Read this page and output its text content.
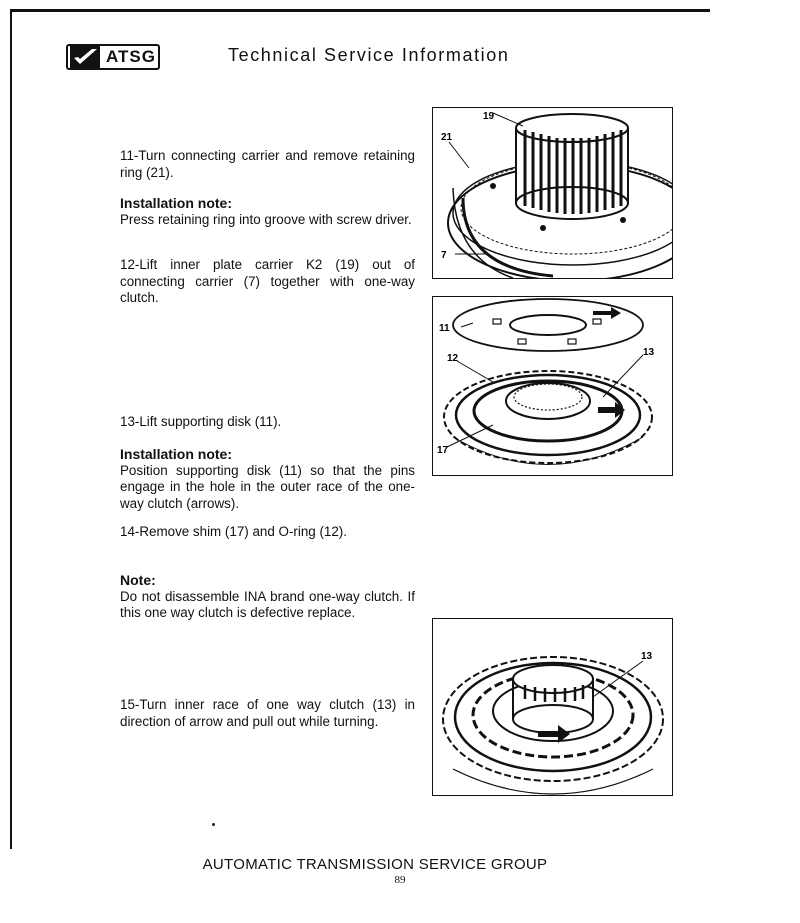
ATSG	Technical Service Information

11-Turn connecting carrier and remove retaining ring (21).

Installation note:

Press retaining ring into groove with screw driver.

12-Lift inner plate carrier K2 (19) out of connecting carrier (7) together with one-way clutch.

13-Lift supporting disk (11).

Installation note:

Position supporting disk (11) so that the pins engage in the hole in the outer race of the one-way clutch (arrows).

14-Remove shim (17) and O-ring (12).

Note:

Do not disassemble INA brand one-way clutch. If this one way clutch is defective replace.

15-Turn inner race of one way clutch (13) in direction of arrow and pull out while turning.

19
21
7
11
12
13
17
13
AUTOMATIC TRANSMISSION SERVICE GROUP
89
